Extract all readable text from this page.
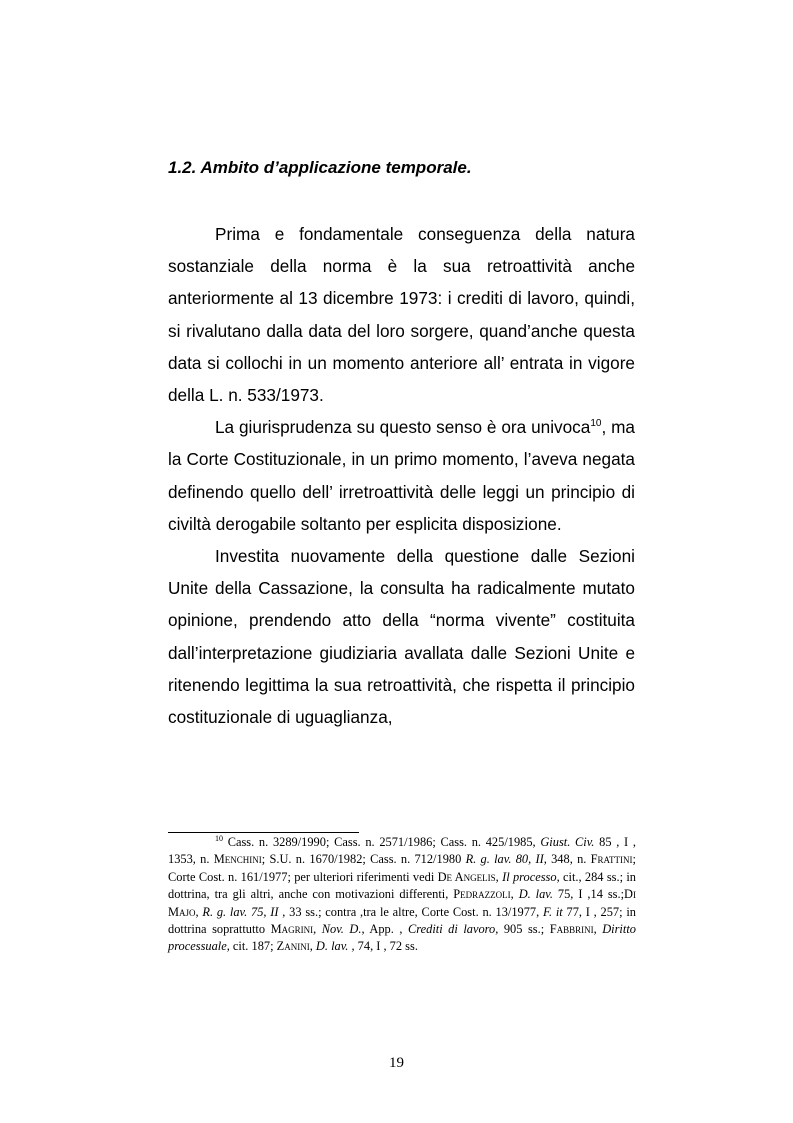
1.2. Ambito d’applicazione temporale.

Prima e fondamentale conseguenza della natura sostanziale della norma è la sua retroattività anche anteriormente al 13 dicembre 1973: i crediti di lavoro, quindi, si rivalutano dalla data del loro sorgere, quand’anche questa data si collochi in un momento anteriore all’ entrata in vigore della L. n. 533/1973.

La giurisprudenza su questo senso è ora univoca$^{10}$, ma la Corte Costituzionale, in un primo momento, l’aveva negata definendo quello dell’ irretroattività delle leggi un principio di civiltà derogabile soltanto per esplicita disposizione.

Investita nuovamente della questione dalle Sezioni Unite della Cassazione, la consulta ha radicalmente mutato opinione, prendendo atto della “norma vivente” costituita dall’interpretazione giudiziaria avallata dalle Sezioni Unite e ritenendo legittima la sua retroattività, che rispetta il principio costituzionale di uguaglianza,

$^{10}$ Cass. n. 3289/1990; Cass. n. 2571/1986; Cass. n. 425/1985, Giust. Civ. 85 , I , 1353, n. Menchini; S.U. n. 1670/1982; Cass. n. 712/1980 R. g. lav. 80, II, 348, n. Frattini; Corte Cost. n. 161/1977; per ulteriori riferimenti vedi De Angelis, Il processo, cit., 284 ss.; in dottrina, tra gli altri, anche con motivazioni differenti, Pedrazzoli, D. lav. 75, I ,14 ss.;Di Majo, R. g. lav. 75, II , 33 ss.; contra ,tra le altre, Corte Cost. n. 13/1977, F. it 77, I , 257; in dottrina soprattutto Magrini, Nov. D., App. , Crediti di lavoro, 905 ss.; Fabbrini, Diritto processuale, cit. 187; Zanini, D. lav. , 74, I , 72 ss.

19
